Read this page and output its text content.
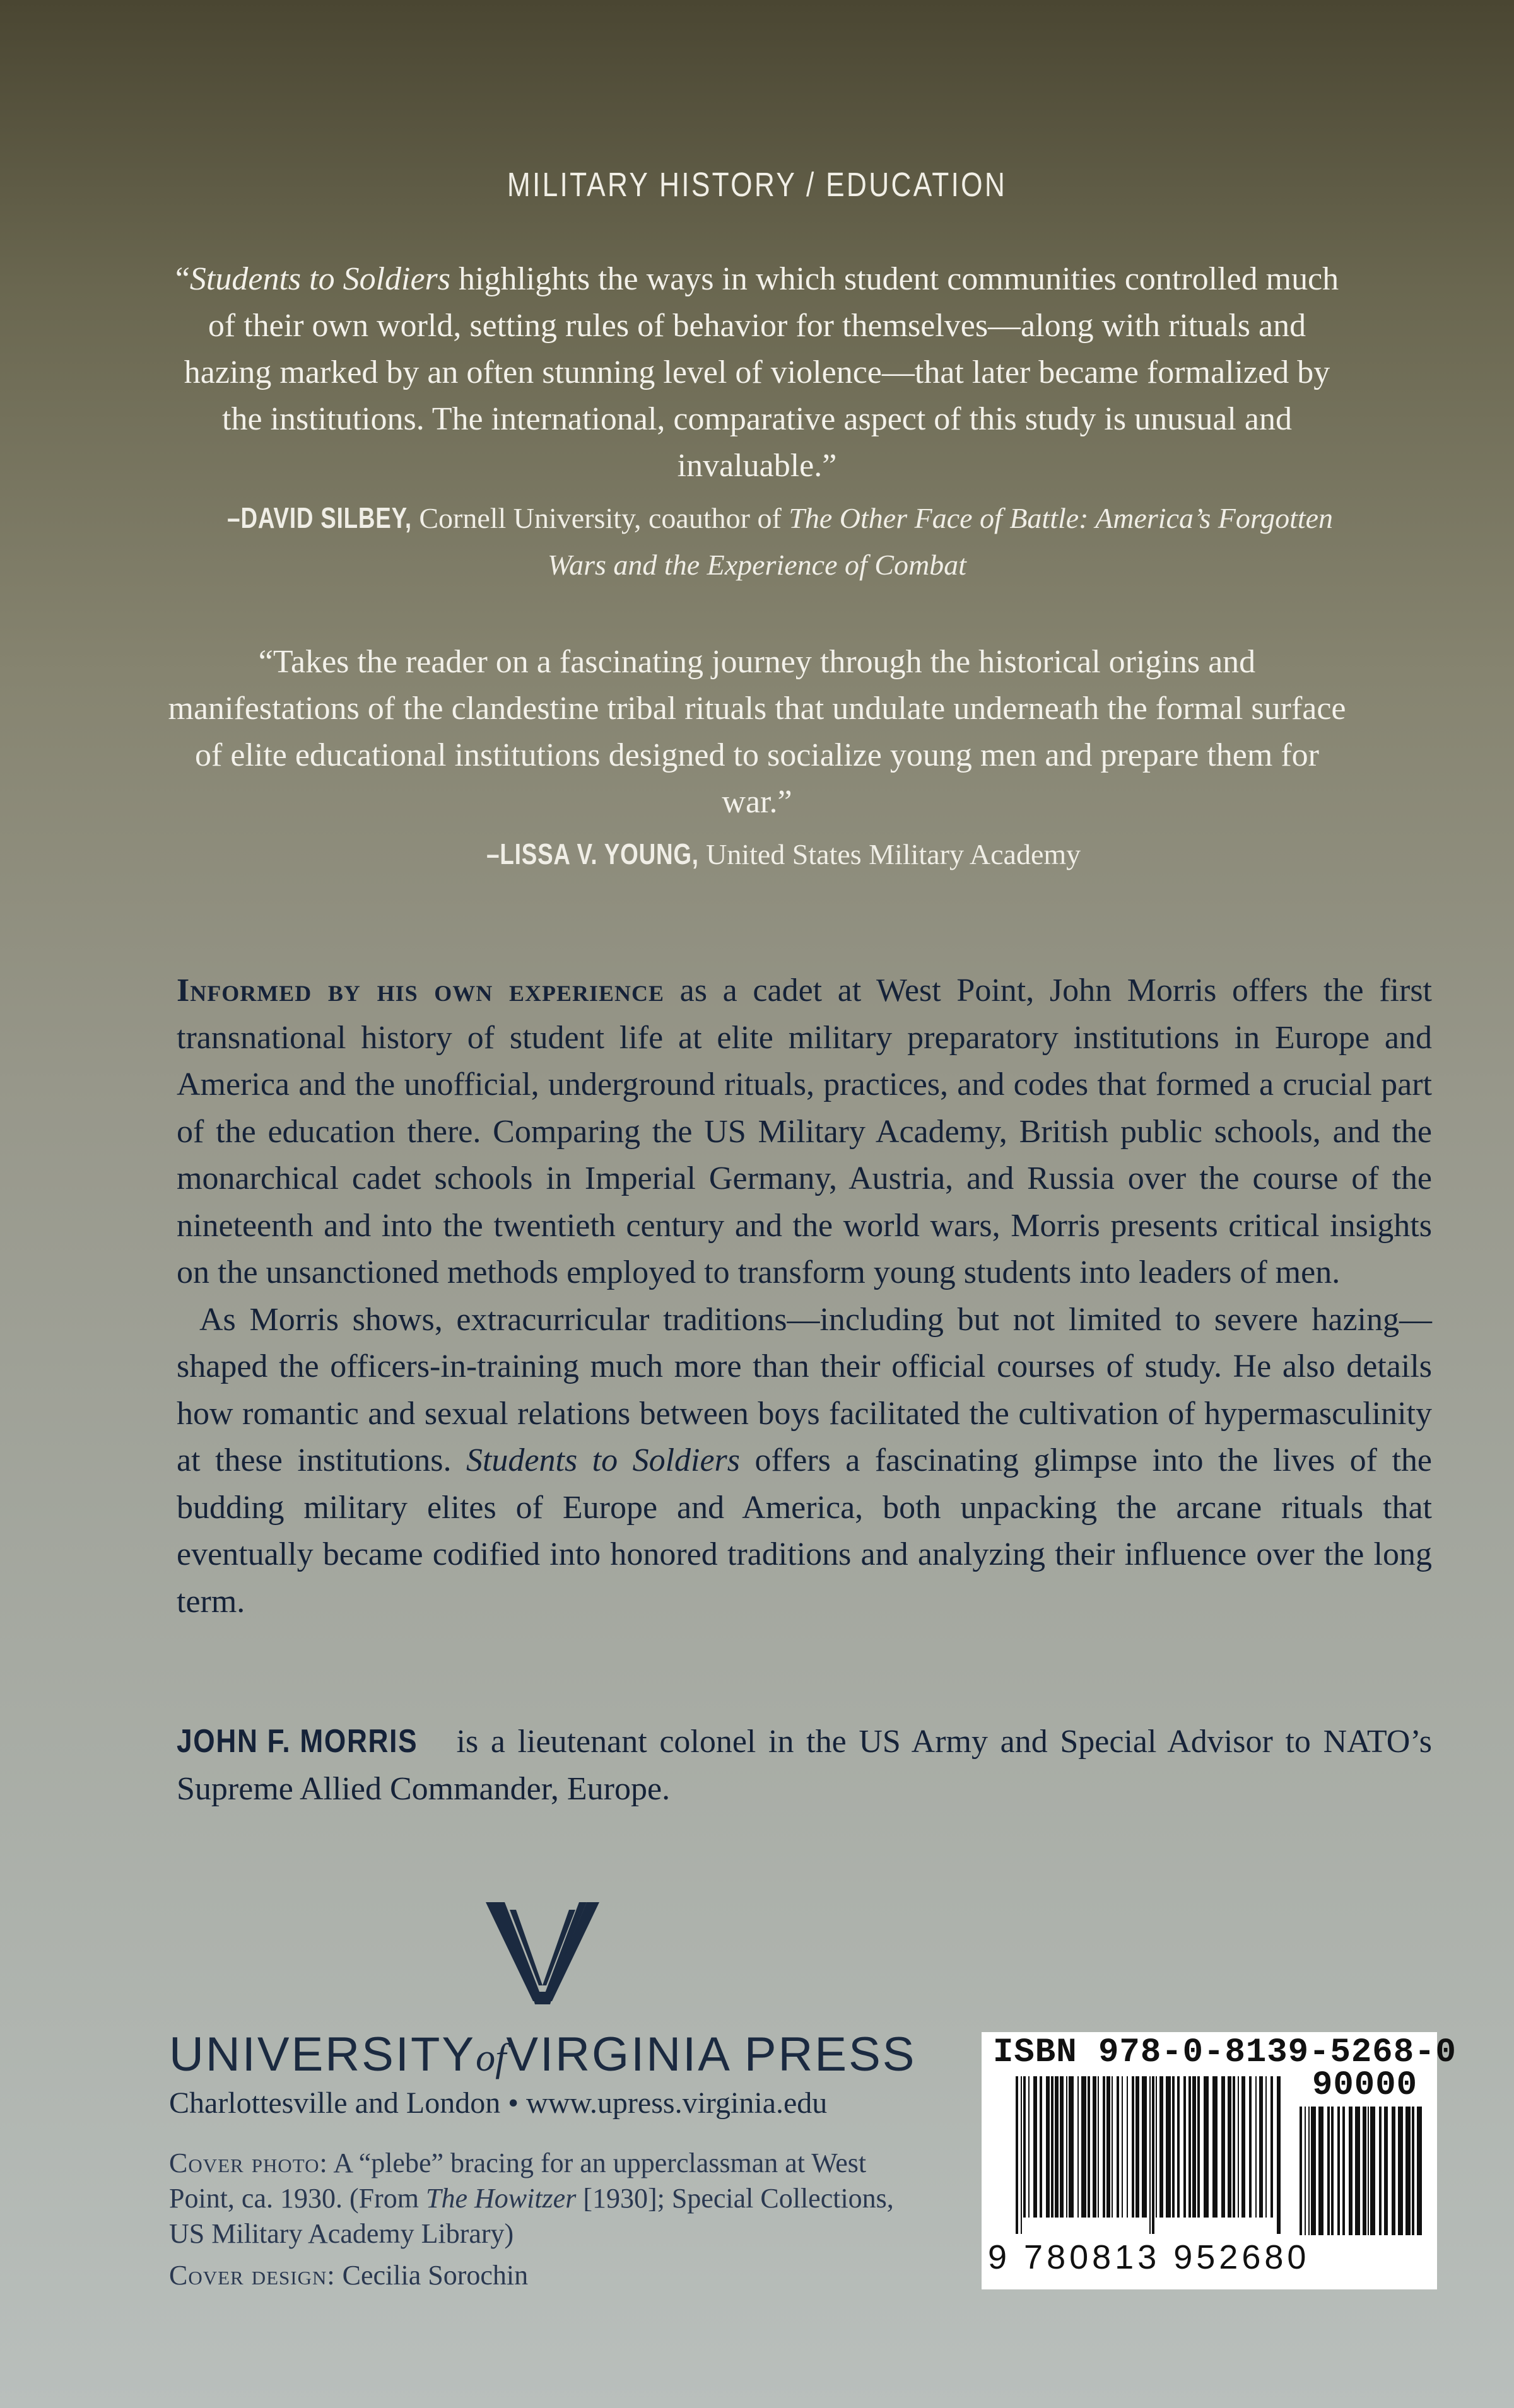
MILITARY HISTORY / EDUCATION

“Students to Soldiers highlights the ways in which student communities controlled much of their own world, setting rules of behavior for themselves—along with rituals and hazing marked by an often stunning level of violence—that later became formalized by the institutions. The international, comparative aspect of this study is unusual and invaluable.”

–DAVID SILBEY, Cornell University, coauthor of The Other Face of Battle: America’s Forgotten Wars and the Experience of Combat

“Takes the reader on a fascinating journey through the historical origins and manifestations of the clandestine tribal rituals that undulate underneath the formal surface of elite educational institutions designed to socialize young men and prepare them for war.”

–LISSA V. YOUNG, United States Military Academy

Informed by his own experience as a cadet at West Point, John Morris offers the first transnational history of student life at elite military preparatory institutions in Europe and America and the unofficial, underground rituals, practices, and codes that formed a crucial part of the education there. Comparing the US Military Academy, British public schools, and the monarchical cadet schools in Imperial Germany, Austria, and Russia over the course of the nineteenth and into the twentieth century and the world wars, Morris presents critical insights on the unsanctioned methods employed to transform young students into leaders of men.

As Morris shows, extracurricular traditions—including but not limited to severe hazing—shaped the officers-in-training much more than their official courses of study. He also details how romantic and sexual relations between boys facilitated the cultivation of hypermasculinity at these institutions. Students to Soldiers offers a fascinating glimpse into the lives of the budding military elites of Europe and America, both unpacking the arcane rituals that eventually became codified into honored traditions and analyzing their influence over the long term.

JOHN F. MORRIS is a lieutenant colonel in the US Army and Special Advisor to NATO’s Supreme Allied Commander, Europe.

UNIVERSITYofVIRGINIA PRESS
Charlottesville and London • www.upress.virginia.edu

Cover photo: A “plebe” bracing for an upperclassman at West Point, ca. 1930. (From The Howitzer [1930]; Special Collections, US Military Academy Library)

Cover design: Cecilia Sorochin

ISBN 978-0-8139-5268-0
90000
9 780813 952680
